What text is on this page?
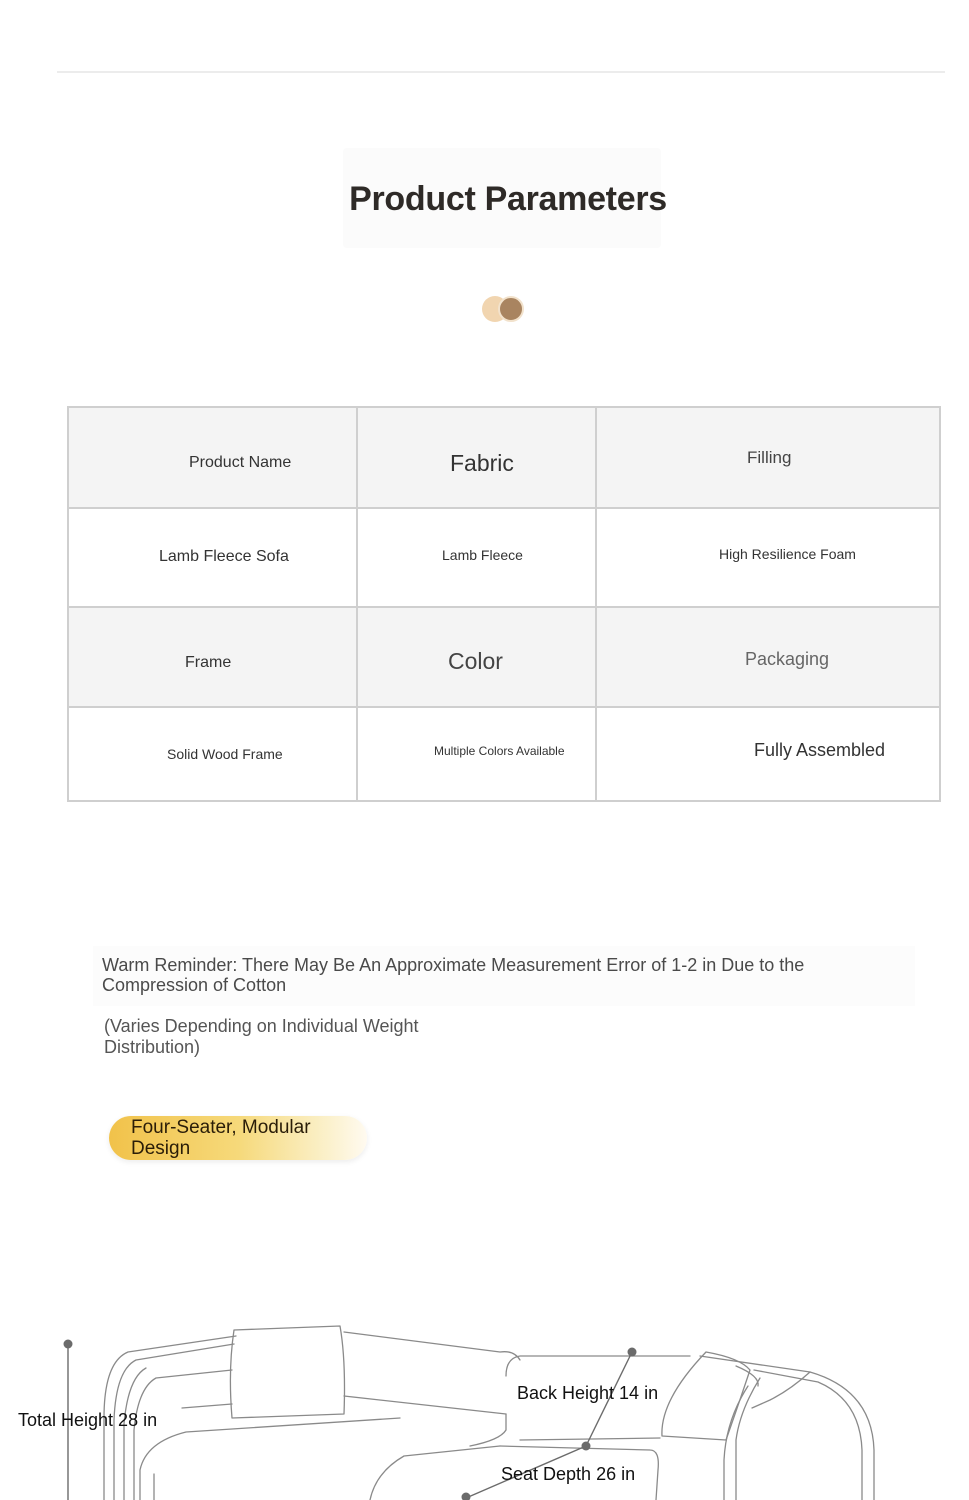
Product Parameters
Product Name	Fabric	Filling
Lamb Fleece Sofa	Lamb Fleece	High Resilience Foam
Frame	Color	Packaging
Solid Wood Frame	Multiple Colors Available	Fully Assembled

Warm Reminder: There May Be An Approximate Measurement Error of 1-2 in Due to the Compression of Cotton

(Varies Depending on Individual Weight Distribution)

Four-Seater, Modular Design

Total Height 28 in
Back Height 14 in
Seat Depth 26 in
